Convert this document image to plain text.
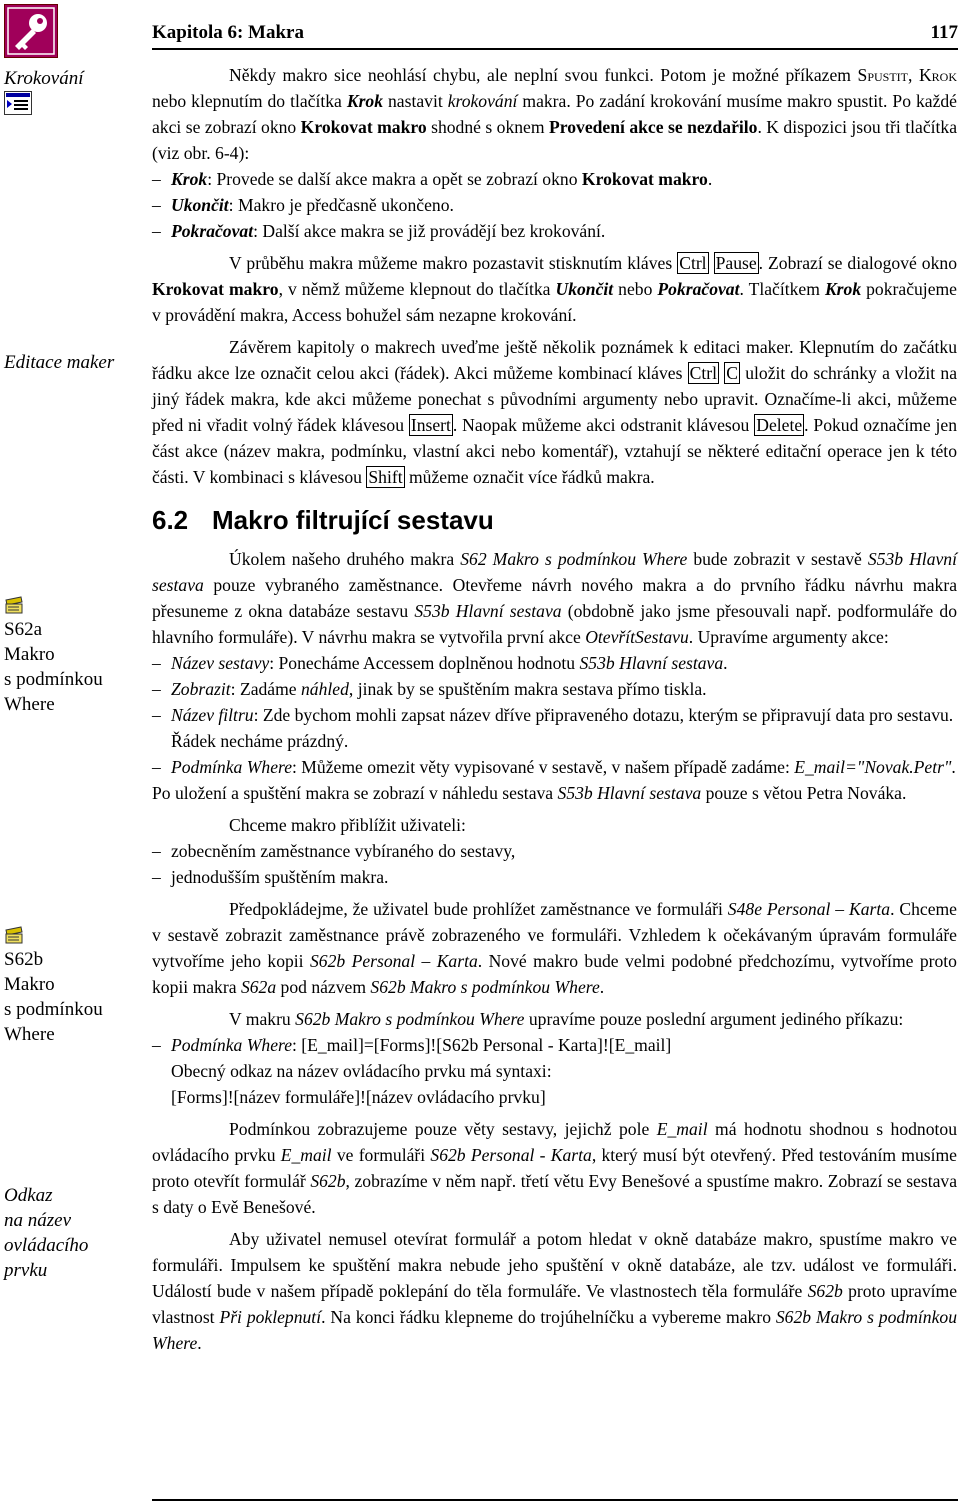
Kapitola 6: Makra	117
Krokování
Editace maker
S62a
Makro
s podmínkou
Where
S62b
Makro
s podmínkou
Where
Odkaz
na název
ovládacího
prvku

Někdy makro sice neohlásí chybu, ale neplní svou funkci. Potom je možné příkazem Spustit, Krok nebo klepnutím do tlačítka Krok nastavit krokování makra. Po zadání krokování musíme makro spustit. Po každé akci se zobrazí okno Krokovat makro shodné s oknem Provedení akce se nezdařilo. K dispozici jsou tři tlačítka (viz obr. 6-4):

– Krok: Provede se další akce makra a opět se zobrazí okno Krokovat makro.

– Ukončit: Makro je předčasně ukončeno.

– Pokračovat: Další akce makra se již provádějí bez krokování.

V průběhu makra můžeme makro pozastavit stisknutím kláves Ctrl Pause . Zobrazí se dialogové okno Krokovat makro, v němž můžeme klepnout do tlačítka Ukončit nebo Pokračovat. Tlačítkem Krok pokračujeme v provádění makra, Access bohužel sám nezapne krokování.

Závěrem kapitoly o makrech uveďme ještě několik poznámek k editaci maker. Klepnutím do začátku řádku akce lze označit celou akci (řádek). Akci můžeme kombinací kláves Ctrl C uložit do schránky a vložit na jiný řádek makra, kde akci můžeme ponechat s původními argumenty nebo upravit. Označíme-li akci, můžeme před ni vřadit volný řádek klávesou Insert . Naopak můžeme akci odstranit klávesou Delete . Pokud označíme jen část akce (název makra, podmínku, vlastní akci nebo komentář), vztahují se některé editační operace jen k této části. V kombinaci s klávesou Shift můžeme označit více řádků makra.

6.2 Makro filtrující sestavu

Úkolem našeho druhého makra S62 Makro s podmínkou Where bude zobrazit v sestavě S53b Hlavní sestava pouze vybraného zaměstnance. Otevřeme návrh nového makra a do prvního řádku návrhu makra přesuneme z okna databáze sestavu S53b Hlavní sestava (obdobně jako jsme přesouvali např. podformuláře do hlavního formuláře). V návrhu makra se vytvořila první akce OtevřítSestavu. Upravíme argumenty akce:

– Název sestavy: Ponecháme Accessem doplněnou hodnotu S53b Hlavní sestava.

– Zobrazit: Zadáme náhled, jinak by se spuštěním makra sestava přímo tiskla.

– Název filtru: Zde bychom mohli zapsat název dříve připraveného dotazu, kterým se připravují data pro sestavu. Řádek necháme prázdný.

– Podmínka Where: Můžeme omezit věty vypisované v sestavě, v našem případě zadáme: E_mail="Novak.Petr".

Po uložení a spuštění makra se zobrazí v náhledu sestava S53b Hlavní sestava pouze s větou Petra Nováka.

Chceme makro přiblížit uživateli:

– zobecněním zaměstnance vybíraného do sestavy,

– jednodušším spuštěním makra.

Předpokládejme, že uživatel bude prohlížet zaměstnance ve formuláři S48e Personal – Karta. Chceme v sestavě zobrazit zaměstnance právě zobrazeného ve formuláři. Vzhledem k očekávaným úpravám formuláře vytvoříme jeho kopii S62b Personal – Karta. Nové makro bude velmi podobné předchozímu, vytvoříme proto kopii makra S62a pod názvem S62b Makro s podmínkou Where.

V makru S62b Makro s podmínkou Where upravíme pouze poslední argument jediného příkazu:

– Podmínka Where: [E_mail]=[Forms]![S62b Personal - Karta]![E_mail]
Obecný odkaz na název ovládacího prvku má syntaxi:
[Forms]![název formuláře]![název ovládacího prvku]

Podmínkou zobrazujeme pouze věty sestavy, jejichž pole E_mail má hodnotu shodnou s hodnotou ovládacího prvku E_mail ve formuláři S62b Personal - Karta, který musí být otevřený. Před testováním musíme proto otevřít formulář S62b, zobrazíme v něm např. třetí větu Evy Benešové a spustíme makro. Zobrazí se sestava s daty o Evě Benešové.

Aby uživatel nemusel otevírat formulář a potom hledat v okně databáze makro, spustíme makro ve formuláři. Impulsem ke spuštění makra nebude jeho spuštění v okně databáze, ale tzv. událost ve formuláři. Událostí bude v našem případě poklepání do těla formuláře. Ve vlastnostech těla formuláře S62b proto upravíme vlastnost Při poklepnutí. Na konci řádku klepneme do trojúhelníčku a vybereme makro S62b Makro s podmínkou Where.
